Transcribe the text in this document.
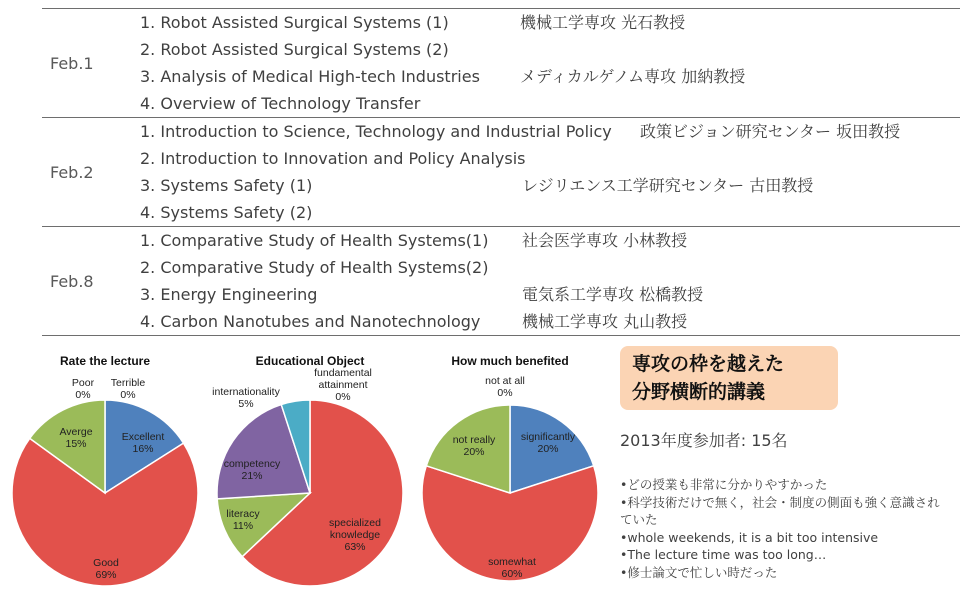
Feb.1
1. Robot Assisted Surgical Systems (1)	機械工学専攻 光石教授
2. Robot Assisted Surgical Systems (2)
3. Analysis of Medical High-tech Industries	メディカルゲノム専攻 加納教授
4. Overview of Technology Transfer
Feb.2
1. Introduction to Science, Technology and Industrial Policy 政策ビジョン研究センター 坂田教授
2. Introduction to Innovation and Policy Analysis
3. Systems Safety (1)	レジリエンス工学研究センター 古田教授
4. Systems Safety (2)
Feb.8
1. Comparative Study of Health Systems(1) 社会医学専攻 小林教授
2. Comparative Study of Health Systems(2)
3. Energy Engineering	電気系工学専攻 松橋教授
4. Carbon Nanotubes and Nanotechnology	機械工学専攻 丸山教授
Rate the lecture
Excellent 16%
Good 69%
Averge 15%
Poor 0%
Terrible 0%
Educational Object
fundamental attainment 0%
specialized knowledge 63%
literacy 11%
competency 21%
internationality 5%
How much benefited
significantly 20%
somewhat 60%
not really 20%
not at all 0%
専攻の枠を越えた
分野横断的講義
2013年度参加者: 15名
•どの授業も非常に分かりやすかった
•科学技術だけで無く，社会・制度の側面も強く意識されていた
•whole weekends, it is a bit too intensive
•The lecture time was too long…
•修士論文で忙しい時だった
